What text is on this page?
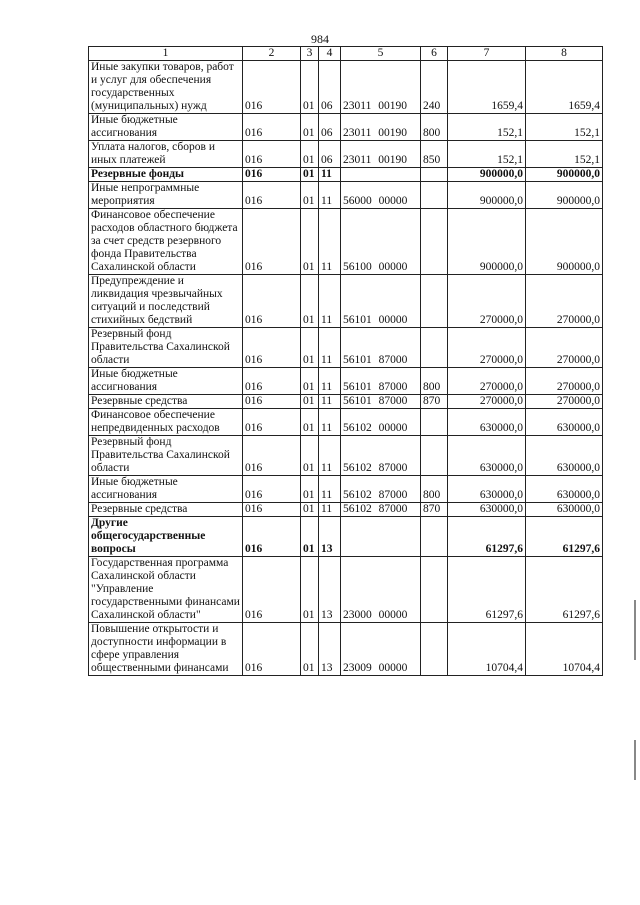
984
1	2	3	4	5	6	7	8
Иные закупки товаров, работ и услуг для обеспечения государственных (муниципальных) нужд	016	01	06	23011 00190	240	1659,4	1659,4
Иные бюджетные ассигнования	016	01	06	23011 00190	800	152,1	152,1
Уплата налогов, сборов и иных платежей	016	01	06	23011 00190	850	152,1	152,1
Резервные фонды	016	01	11			900000,0	900000,0
Иные непрограммные мероприятия	016	01	11	56000 00000		900000,0	900000,0
Финансовое обеспечение расходов областного бюджета за счет средств резервного фонда Правительства Сахалинской области	016	01	11	56100 00000		900000,0	900000,0
Предупреждение и ликвидация чрезвычайных ситуаций и последствий стихийных бедствий	016	01	11	56101 00000		270000,0	270000,0
Резервный фонд Правительства Сахалинской области	016	01	11	56101 87000		270000,0	270000,0
Иные бюджетные ассигнования	016	01	11	56101 87000	800	270000,0	270000,0
Резервные средства	016	01	11	56101 87000	870	270000,0	270000,0
Финансовое обеспечение непредвиденных расходов	016	01	11	56102 00000		630000,0	630000,0
Резервный фонд Правительства Сахалинской области	016	01	11	56102 87000		630000,0	630000,0
Иные бюджетные ассигнования	016	01	11	56102 87000	800	630000,0	630000,0
Резервные средства	016	01	11	56102 87000	870	630000,0	630000,0
Другие общегосударственные вопросы	016	01	13			61297,6	61297,6
Государственная программа Сахалинской области "Управление государственными финансами Сахалинской области"	016	01	13	23000 00000		61297,6	61297,6
Повышение открытости и доступности информации в сфере управления общественными финансами	016	01	13	23009 00000		10704,4	10704,4
